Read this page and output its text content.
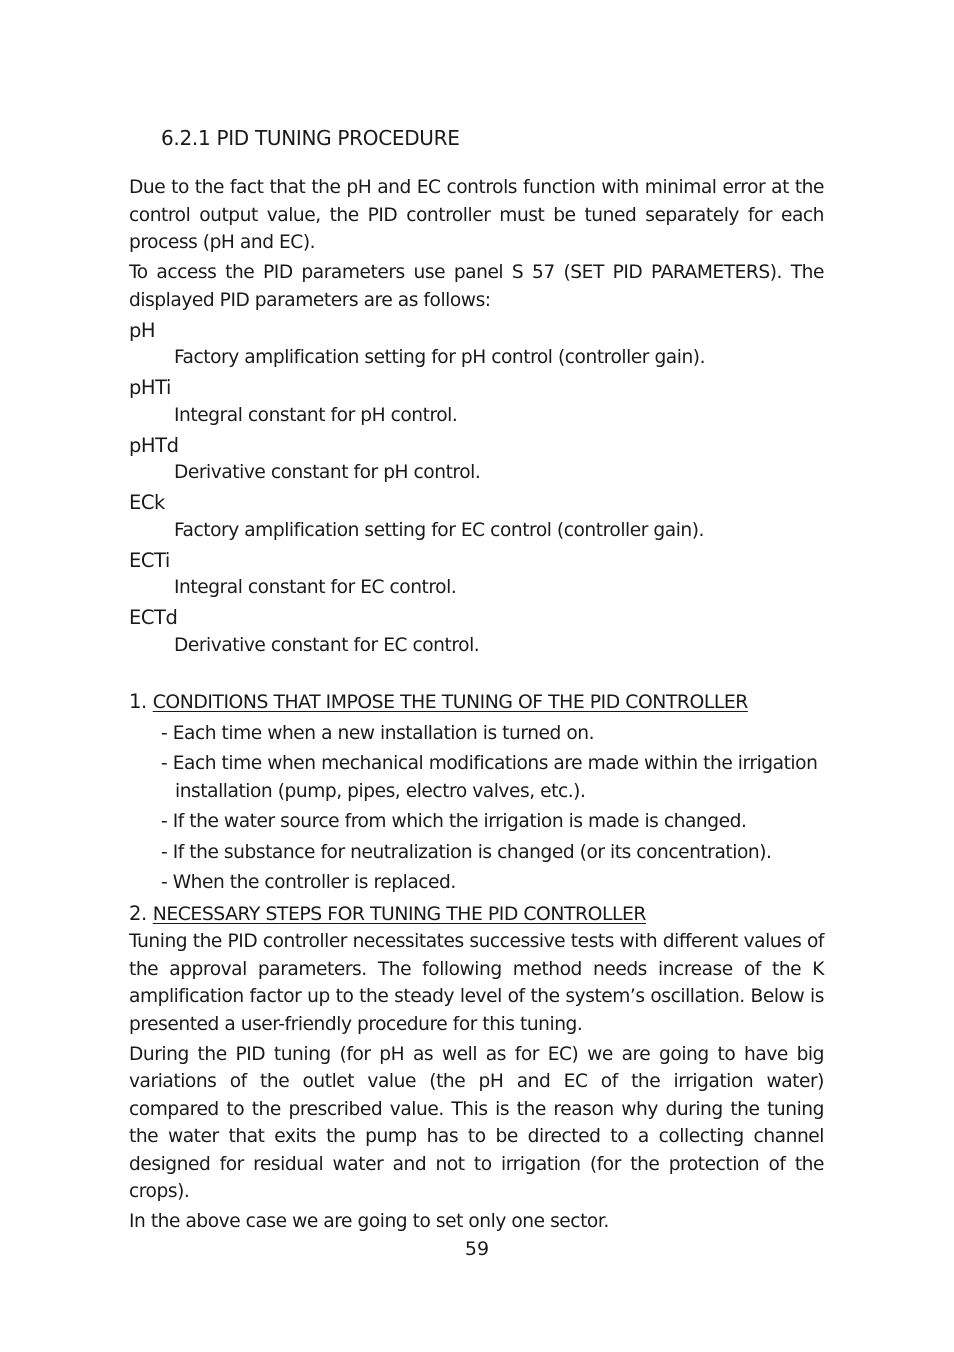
6.2.1 PID TUNING PROCEDURE

Due to the fact that the pH and EC controls function with minimal error at the control output value, the PID controller must be tuned separately for each process (pH and EC).

To access the PID parameters use panel S 57 (SET PID PARAMETERS). The displayed PID parameters are as follows:

pH
Factory amplification setting for pH control (controller gain).
pHTi
Integral constant for pH control.
pHTd
Derivative constant for pH control.
ECk
Factory amplification setting for EC control (controller gain).
ECTi
Integral constant for EC control.
ECTd
Derivative constant for EC control.
1. CONDITIONS THAT IMPOSE THE TUNING OF THE PID CONTROLLER
- Each time when a new installation is turned on.
- Each time when mechanical modifications are made within the irrigation installation (pump, pipes, electro valves, etc.).
- If the water source from which the irrigation is made is changed.
- If the substance for neutralization is changed (or its concentration).
- When the controller is replaced.
2. NECESSARY STEPS FOR TUNING THE PID CONTROLLER

Tuning the PID controller necessitates successive tests with different values of the approval parameters. The following method needs increase of the K amplification factor up to the steady level of the system’s oscillation. Below is presented a user-friendly procedure for this tuning.

During the PID tuning (for pH as well as for EC) we are going to have big variations of the outlet value (the pH and EC of the irrigation water) compared to the prescribed value. This is the reason why during the tuning the water that exits the pump has to be directed to a collecting channel designed for residual water and not to irrigation (for the protection of the crops).

In the above case we are going to set only one sector.

59
